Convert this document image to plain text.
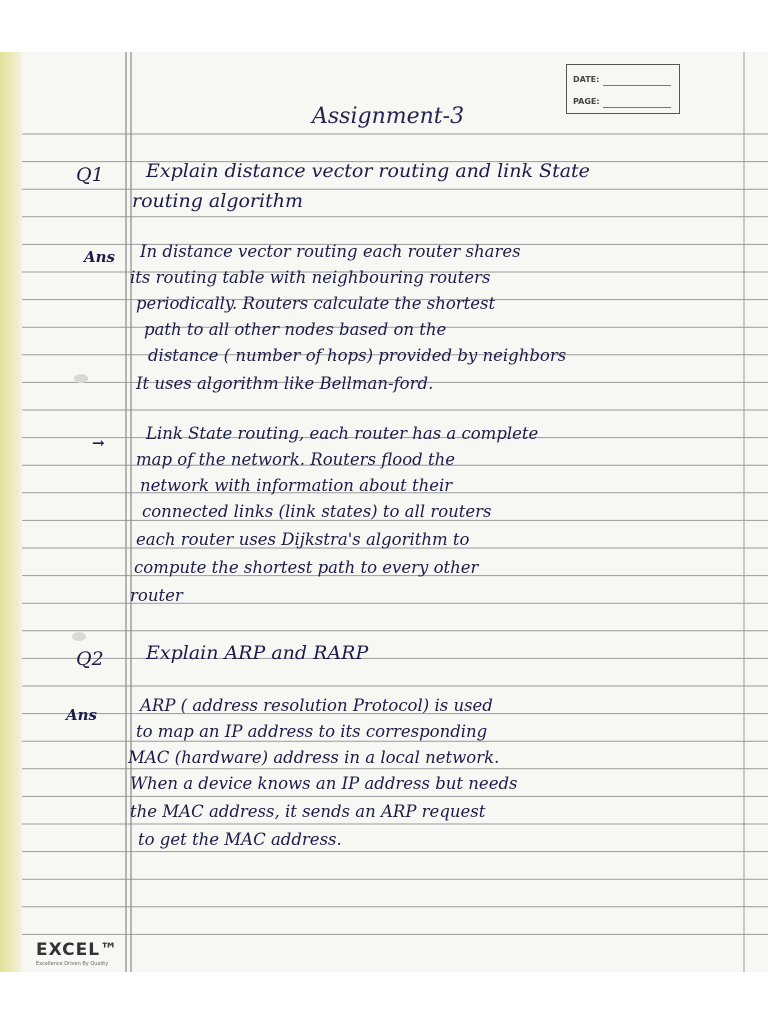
DATE:
PAGE:
Assignment-3
Q1 Explain distance vector routing and link State
routing algorithm
Ans In distance vector routing each router shares
its routing table with neighbouring routers
periodically. Routers calculate the shortest
path to all other nodes based on the
distance ( number of hops) provided by neighbors
It uses algorithm like Bellman-ford.
→	Link State routing, each router has a complete
map of the network. Routers flood the
network with information about their
connected links (link states) to all routers
each router uses Dijkstra's algorithm to
compute the shortest path to every other
router
Q2 Explain ARP and RARP
Ans	ARP ( address resolution Protocol) is used
to map an IP address to its corresponding
MAC (hardware) address in a local network.
When a device knows an IP address but needs
the MAC address, it sends an ARP request
to get the MAC address.
EXCEL™
Excellence Driven By Quality
